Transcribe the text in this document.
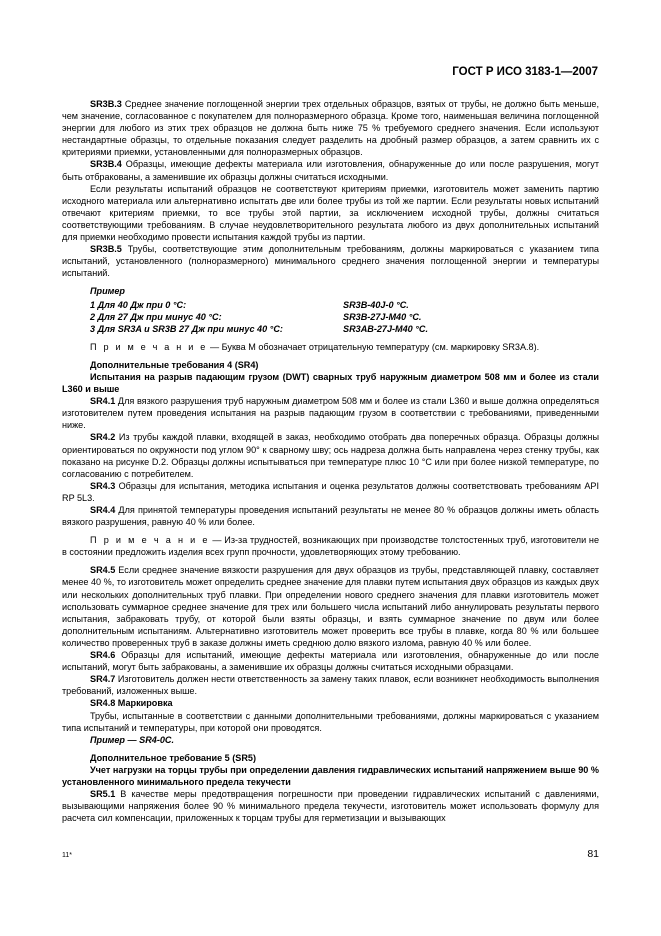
ГОСТ Р ИСО 3183-1—2007

SR3B.3 Среднее значение поглощенной энергии трех отдельных образцов, взятых от трубы, не должно быть меньше, чем значение, согласованное с покупателем для полноразмерного образца. Кроме того, наименьшая величина поглощенной энергии для любого из этих трех образцов не должна быть ниже 75 % требуемого среднего значения. Если используют нестандартные образцы, то отдельные показания следует разделить на дробный размер образцов, а затем сравнить их с критериями приемки, установленными для полноразмерных образцов.

SR3B.4 Образцы, имеющие дефекты материала или изготовления, обнаруженные до или после разрушения, могут быть отбракованы, а заменившие их образцы должны считаться исходными.

Если результаты испытаний образцов не соответствуют критериям приемки, изготовитель может заменить партию исходного материала или альтернативно испытать две или более трубы из той же партии. Если результаты новых испытаний отвечают критериям приемки, то все трубы этой партии, за исключением исходной трубы, должны считаться соответствующими требованиям. В случае неудовлетворительного результата любого из двух дополнительных испытаний для приемки необходимо провести испытания каждой трубы из партии.

SR3B.5 Трубы, соответствующие этим дополнительным требованиям, должны маркироваться с указанием типа испытаний, установленного (полноразмерного) минимального среднего значения поглощенной энергии и температуры испытаний.

Пример
1 Для 40 Дж при 0 °С:	SR3B-40J-0 °С.
2 Для 27 Дж при минус 40 °С:	SR3B-27J-M40 °С.
3 Для SR3A и SR3B 27 Дж при минус 40 °С:	SR3AB-27J-M40 °С.

П р и м е ч а н и е — Буква М обозначает отрицательную температуру (см. маркировку SR3A.8).

Дополнительные требования 4 (SR4)

Испытания на разрыв падающим грузом (DWT) сварных труб наружным диаметром 508 мм и более из стали L360 и выше

SR4.1 Для вязкого разрушения труб наружным диаметром 508 мм и более из стали L360 и выше должна определяться изготовителем путем проведения испытания на разрыв падающим грузом в соответствии с требованиями, приведенными ниже.

SR4.2 Из трубы каждой плавки, входящей в заказ, необходимо отобрать два поперечных образца. Образцы должны ориентироваться по окружности под углом 90° к сварному шву; ось надреза должна быть направлена через стенку трубы, как показано на рисунке D.2. Образцы должны испытываться при температуре плюс 10 °С или при более низкой температуре, по согласованию с потребителем.

SR4.3 Образцы для испытания, методика испытания и оценка результатов должны соответствовать требованиям API RP 5L3.

SR4.4 Для принятой температуры проведения испытаний результаты не менее 80 % образцов должны иметь область вязкого разрушения, равную 40 % или более.

П р и м е ч а н и е — Из-за трудностей, возникающих при производстве толстостенных труб, изготовители не в состоянии предложить изделия всех групп прочности, удовлетворяющих этому требованию.

SR4.5 Если среднее значение вязкости разрушения для двух образцов из трубы, представляющей плавку, составляет менее 40 %, то изготовитель может определить среднее значение для плавки путем испытания двух образцов из каждых двух или нескольких дополнительных труб плавки. При определении нового среднего значения для плавки изготовитель может использовать суммарное среднее значение для трех или большего числа испытаний либо аннулировать результаты первого испытания, забраковать трубу, от которой были взяты образцы, и взять суммарное значение по двум или более дополнительным испытаниям. Альтернативно изготовитель может проверить все трубы в плавке, когда 80 % или большее количество проверенных труб в заказе должны иметь среднюю долю вязкого излома, равную 40 % или более.

SR4.6 Образцы для испытаний, имеющие дефекты материала или изготовления, обнаруженные до или после испытаний, могут быть забракованы, а заменившие их образцы должны считаться исходными образцами.

SR4.7 Изготовитель должен нести ответственность за замену таких плавок, если возникнет необходимость выполнения требований, изложенных выше.

SR4.8 Маркировка

Трубы, испытанные в соответствии с данными дополнительными требованиями, должны маркироваться с указанием типа испытаний и температуры, при которой они проводятся.

Пример — SR4-0C.

Дополнительное требование 5 (SR5)

Учет нагрузки на торцы трубы при определении давления гидравлических испытаний напряжением выше 90 % установленного минимального предела текучести

SR5.1 В качестве меры предотвращения погрешности при проведении гидравлических испытаний с давлениями, вызывающими напряжения более 90 % минимального предела текучести, изготовитель может использовать формулу для расчета сил компенсации, приложенных к торцам трубы для герметизации и вызывающих

11*	81
